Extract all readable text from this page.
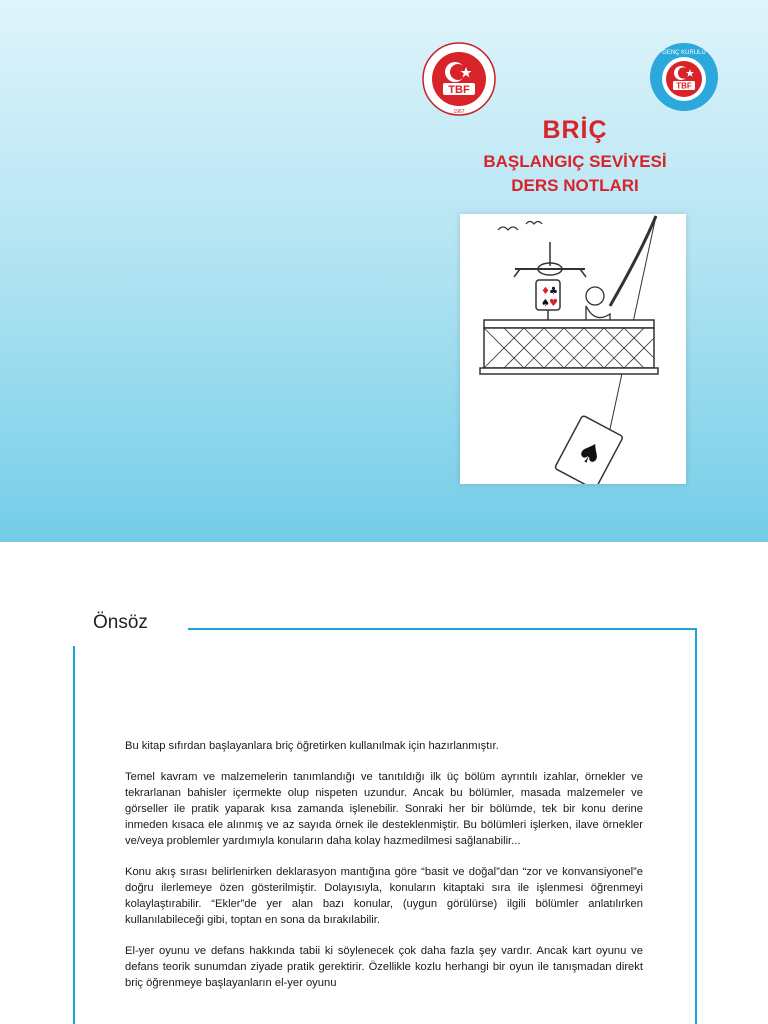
TBF
1967
TBF
GENÇ KURULU
BRİÇ
BAŞLANGIÇ SEVİYESİ
DERS NOTLARI
♦ ♣
♠ ♥
♠
Önsöz

Bu kitap sıfırdan başlayanlara briç öğretirken kullanılmak için hazırlanmıştır.

Temel kavram ve malzemelerin tanımlandığı ve tanıtıldığı ilk üç bölüm ayrıntılı izahlar, örnekler ve tekrarlanan bahisler içermekte olup nispeten uzundur. Ancak bu bölümler, masada malzemeler ve görseller ile pratik yaparak kısa zamanda işlenebilir. Sonraki her bir bölümde, tek bir konu derine inmeden kısaca ele alınmış ve az sayıda örnek ile desteklenmiştir. Bu bölümleri işlerken, ilave örnekler ve/veya problemler yardımıyla konuların daha kolay hazmedilmesi sağlanabilir...

Konu akış sırası belirlenirken deklarasyon mantığına göre “basit ve doğal”dan “zor ve konvansiyonel”e doğru ilerlemeye özen gösterilmiştir. Dolayısıyla, konuların kitaptaki sıra ile işlenmesi öğrenmeyi kolaylaştırabilir. “Ekler”de yer alan bazı konular, (uygun görülürse) ilgili bölümler anlatılırken kullanılabileceği gibi, toptan en sona da bırakılabilir.

El-yer oyunu ve defans hakkında tabii ki söylenecek çok daha fazla şey vardır. Ancak kart oyunu ve defans teorik sunumdan ziyade pratik gerektirir. Özellikle kozlu herhangi bir oyun ile tanışmadan direkt briç öğrenmeye başlayanların el-yer oyunu
